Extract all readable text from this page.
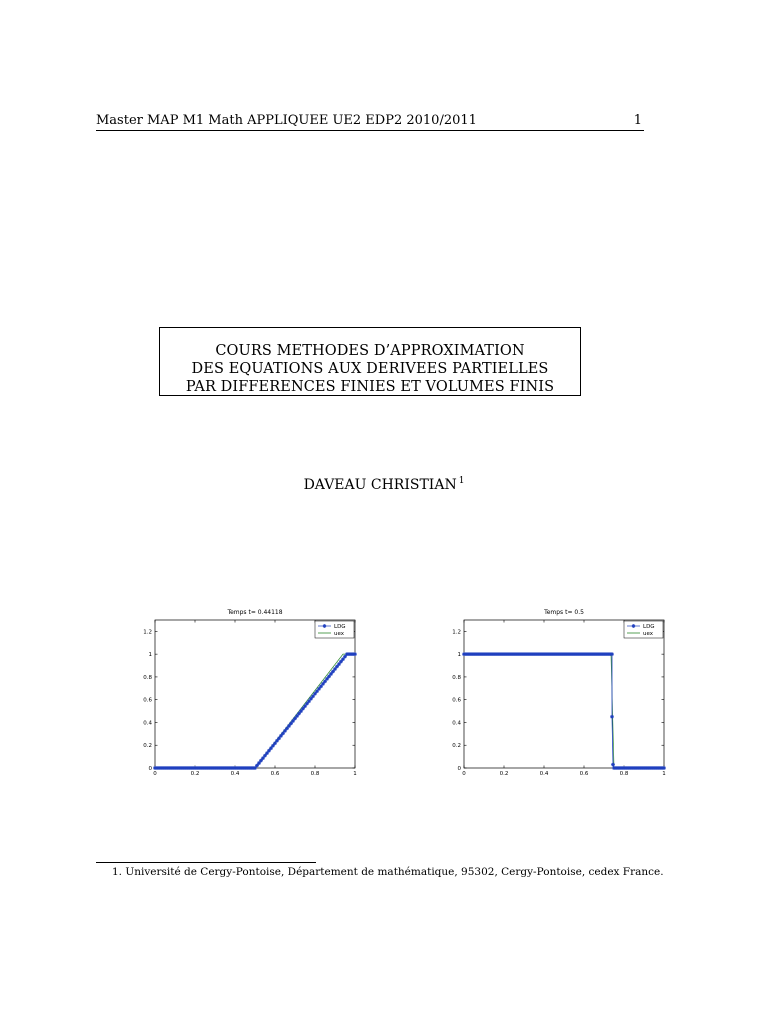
Master MAP M1 Math APPLIQUEE UE2 EDP2 2010/2011	1
COURS METHODES D’APPROXIMATION
DES EQUATIONS AUX DERIVEES PARTIELLES
PAR DIFFERENCES FINIES ET VOLUMES FINIS
DAVEAU CHRISTIAN $^1$
Temps t= 0.44118
0	0.2	0.4	0.6	0.8	1
0
0.2
0.4
0.6
0.8
1
1.2
LDG
uex
Temps t= 0.5
0	0.2	0.4	0.6	0.8	1
0
0.2
0.4
0.6
0.8
1
1.2
LDG
uex
1. Université de Cergy-Pontoise, Département de mathématique, 95302, Cergy-Pontoise, cedex France.
